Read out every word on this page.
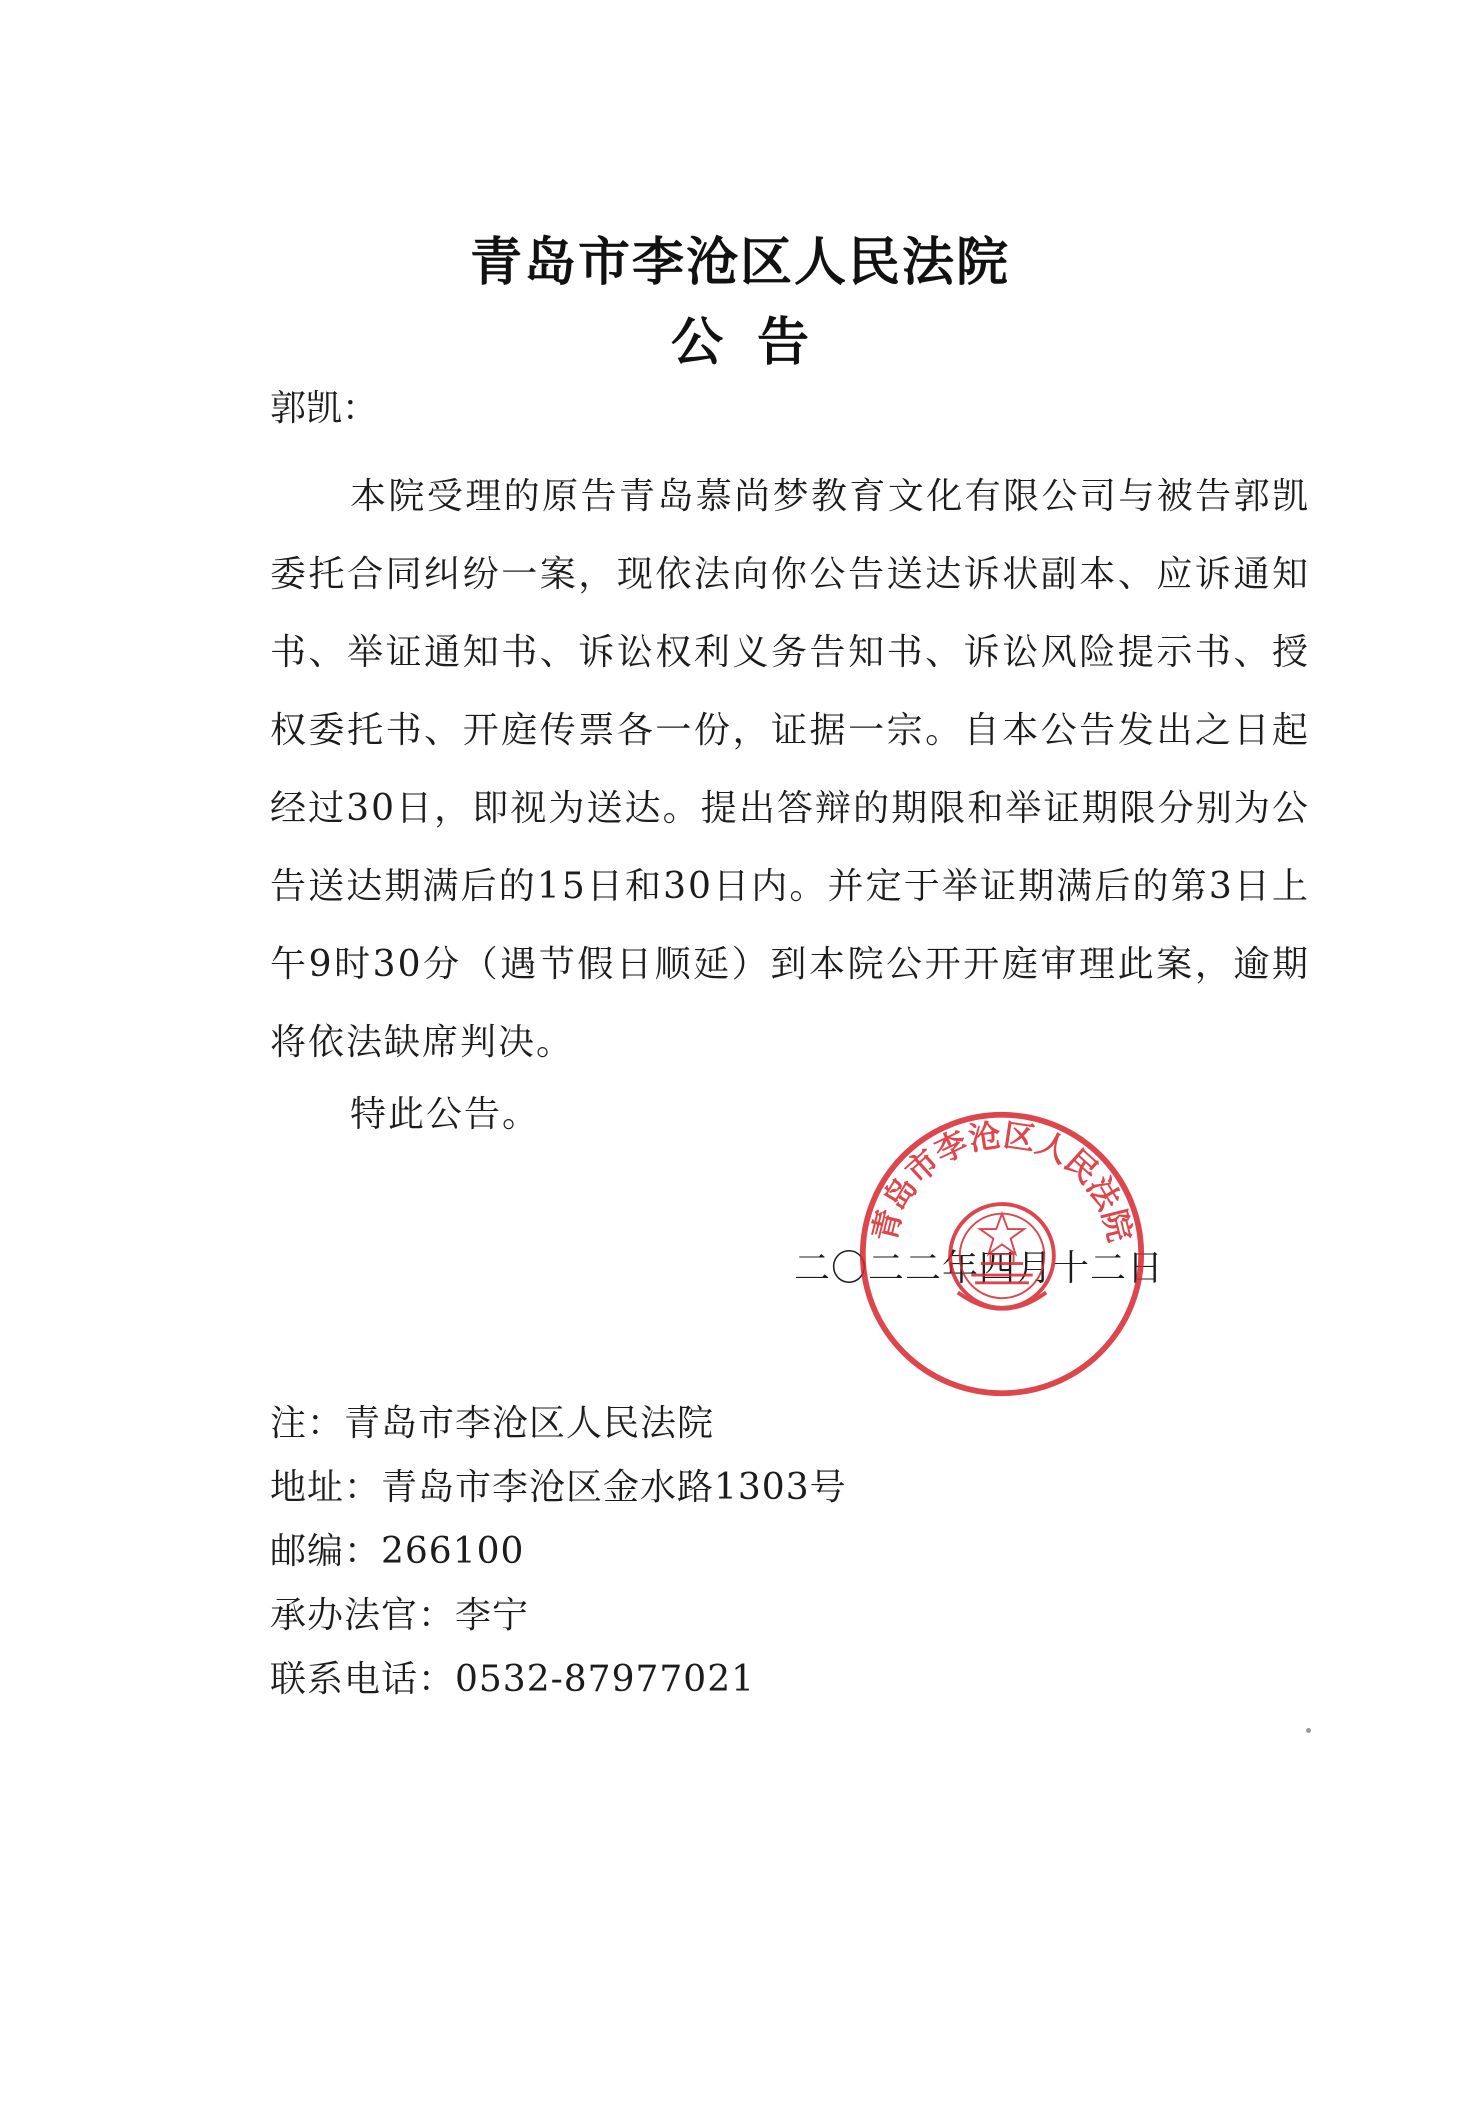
青岛市李沧区人民法院
公告
郭凯：
本院受理的原告青岛慕尚梦教育文化有限公司与被告郭凯委托合同纠纷一案，现依法向你公告送达诉状副本、应诉通知书、举证通知书、诉讼权利义务告知书、诉讼风险提示书、授权委托书、开庭传票各一份，证据一宗。自本公告发出之日起经过30日，即视为送达。提出答辩的期限和举证期限分别为公告送达期满后的15日和30日内。并定于举证期满后的第3日上午9时30分（遇节假日顺延）到本院公开开庭审理此案，逾期将依法缺席判决。
特此公告。
二〇二二年四月十二日
青岛市李沧区人民法院
注：青岛市李沧区人民法院
地址：青岛市李沧区金水路1303号
邮编：266100
承办法官：李宁
联系电话：0532-87977021
